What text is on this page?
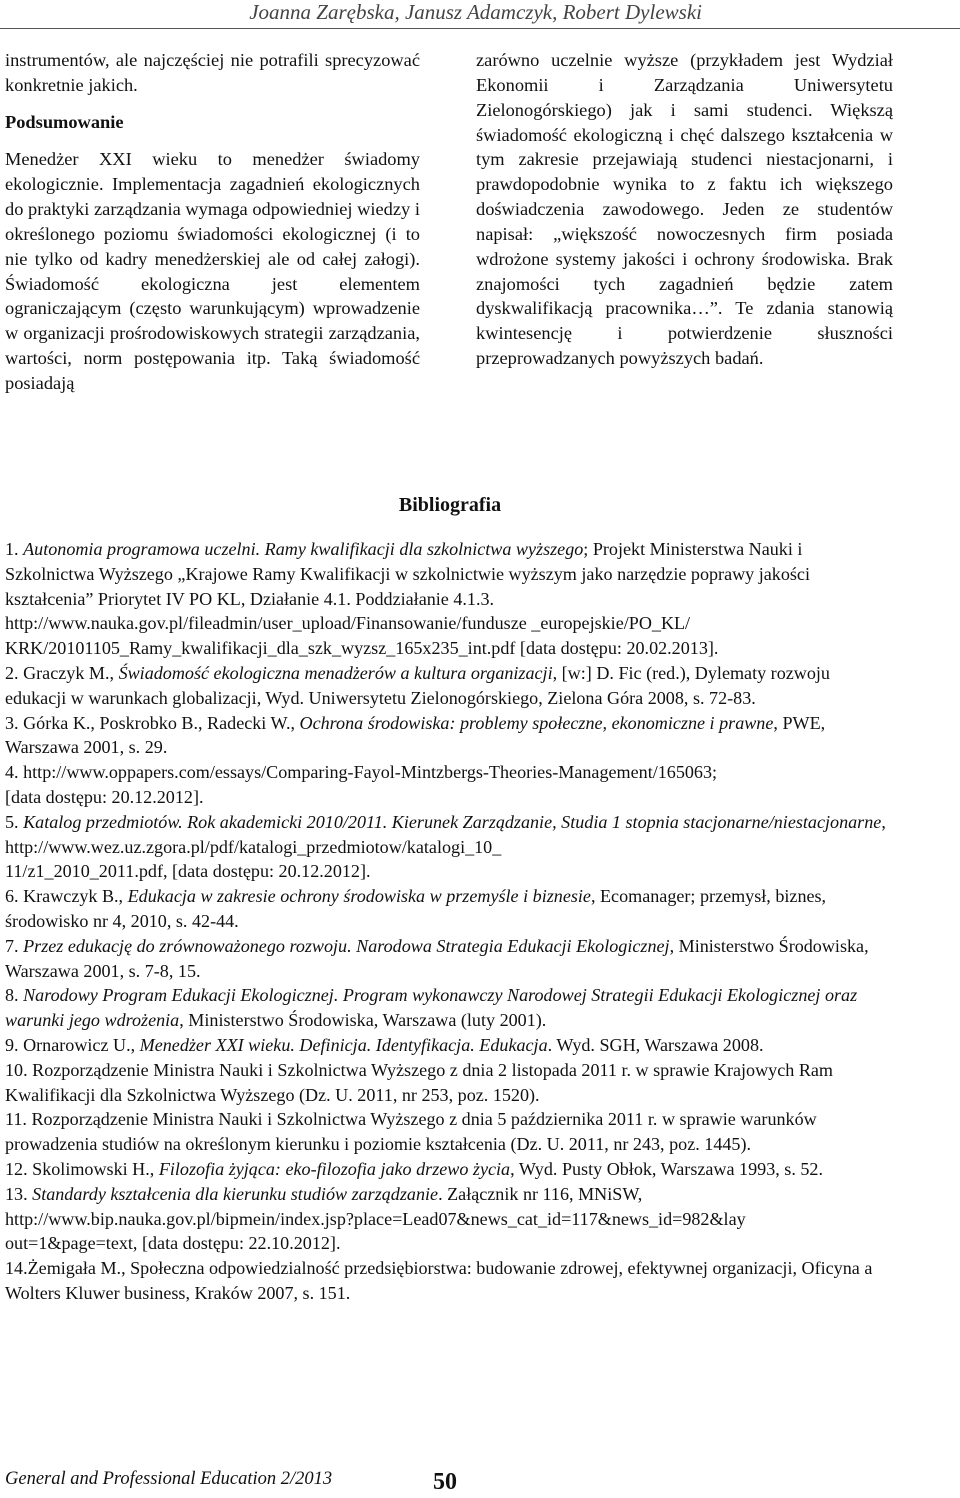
Joanna Zarębska, Janusz Adamczyk, Robert Dylewski

instrumentów, ale najczęściej nie potrafili sprecyzować konkretnie jakich.

Podsumowanie

Menedżer XXI wieku to menedżer świadomy ekologicznie. Implementacja zagadnień ekologicznych do praktyki zarządzania wymaga odpowiedniej wiedzy i określonego poziomu świadomości ekologicznej (i to nie tylko od kadry menedżerskiej ale od całej załogi). Świadomość ekologiczna jest elementem ograniczającym (często warunkującym) wprowadzenie w organizacji prośrodowiskowych strategii zarządzania, wartości, norm postępowania itp. Taką świadomość posiadają

zarówno uczelnie wyższe (przykładem jest Wydział Ekonomii i Zarządzania Uniwersytetu Zielonogórskiego) jak i sami studenci. Większą świadomość ekologiczną i chęć dalszego kształcenia w tym zakresie przejawiają studenci niestacjonarni, i prawdopodobnie wynika to z faktu ich większego doświadczenia zawodowego. Jeden ze studentów napisał: „większość nowoczesnych firm posiada wdrożone systemy jakości i ochrony środowiska. Brak znajomości tych zagadnień będzie zatem dyskwalifikacją pracownika…”. Te zdania stanowią kwintesencję i potwierdzenie słuszności przeprowadzanych powyższych badań.

Bibliografia
1. Autonomia programowa uczelni. Ramy kwalifikacji dla szkolnictwa wyższego; Projekt Ministerstwa Nauki i Szkolnictwa Wyższego „Krajowe Ramy Kwalifikacji w szkolnictwie wyższym jako narzędzie poprawy jakości kształcenia” Priorytet IV PO KL, Działanie 4.1. Poddziałanie 4.1.3.
http://www.nauka.gov.pl/fileadmin/user_upload/Finansowanie/fundusze _europejskie/PO_KL/
KRK/20101105_Ramy_kwalifikacji_dla_szk_wyzsz_165x235_int.pdf [data dostępu: 20.02.2013].
2. Graczyk M., Świadomość ekologiczna menadżerów a kultura organizacji, [w:] D. Fic (red.), Dylematy rozwoju edukacji w warunkach globalizacji, Wyd. Uniwersytetu Zielonogórskiego, Zielona Góra 2008, s. 72-83.
3. Górka K., Poskrobko B., Radecki W., Ochrona środowiska: problemy społeczne, ekonomiczne i prawne, PWE, Warszawa 2001, s. 29.
4. http://www.oppapers.com/essays/Comparing-Fayol-Mintzbergs-Theories-Management/165063;
[data dostępu: 20.12.2012].
5. Katalog przedmiotów. Rok akademicki 2010/2011. Kierunek Zarządzanie, Studia 1 stopnia stacjonarne/niestacjonarne, http://www.wez.uz.zgora.pl/pdf/katalogi_przedmiotow/katalogi_10_
11/z1_2010_2011.pdf, [data dostępu: 20.12.2012].
6. Krawczyk B., Edukacja w zakresie ochrony środowiska w przemyśle i biznesie, Ecomanager; przemysł, biznes, środowisko nr 4, 2010, s. 42-44.
7. Przez edukację do zrównoważonego rozwoju. Narodowa Strategia Edukacji Ekologicznej, Ministerstwo Środowiska, Warszawa 2001, s. 7-8, 15.
8. Narodowy Program Edukacji Ekologicznej. Program wykonawczy Narodowej Strategii Edukacji Ekologicznej oraz warunki jego wdrożenia, Ministerstwo Środowiska, Warszawa (luty 2001).
9. Ornarowicz U., Menedżer XXI wieku. Definicja. Identyfikacja. Edukacja. Wyd. SGH, Warszawa 2008.
10. Rozporządzenie Ministra Nauki i Szkolnictwa Wyższego z dnia 2 listopada 2011 r. w sprawie Krajowych Ram Kwalifikacji dla Szkolnictwa Wyższego (Dz. U. 2011, nr 253, poz. 1520).
11. Rozporządzenie Ministra Nauki i Szkolnictwa Wyższego z dnia 5 października 2011 r. w sprawie warunków prowadzenia studiów na określonym kierunku i poziomie kształcenia (Dz. U. 2011, nr 243, poz. 1445).
12. Skolimowski H., Filozofia żyjąca: eko-filozofia jako drzewo życia, Wyd. Pusty Obłok, Warszawa 1993, s. 52.
13. Standardy kształcenia dla kierunku studiów zarządzanie. Załącznik nr 116, MNiSW,
http://www.bip.nauka.gov.pl/bipmein/index.jsp?place=Lead07&news_cat_id=117&news_id=982&lay
out=1&page=text, [data dostępu: 22.10.2012].
14.Żemigała M., Społeczna odpowiedzialność przedsiębiorstwa: budowanie zdrowej, efektywnej organizacji, Oficyna a Wolters Kluwer business, Kraków 2007, s. 151.
General and Professional Education 2/2013	50
